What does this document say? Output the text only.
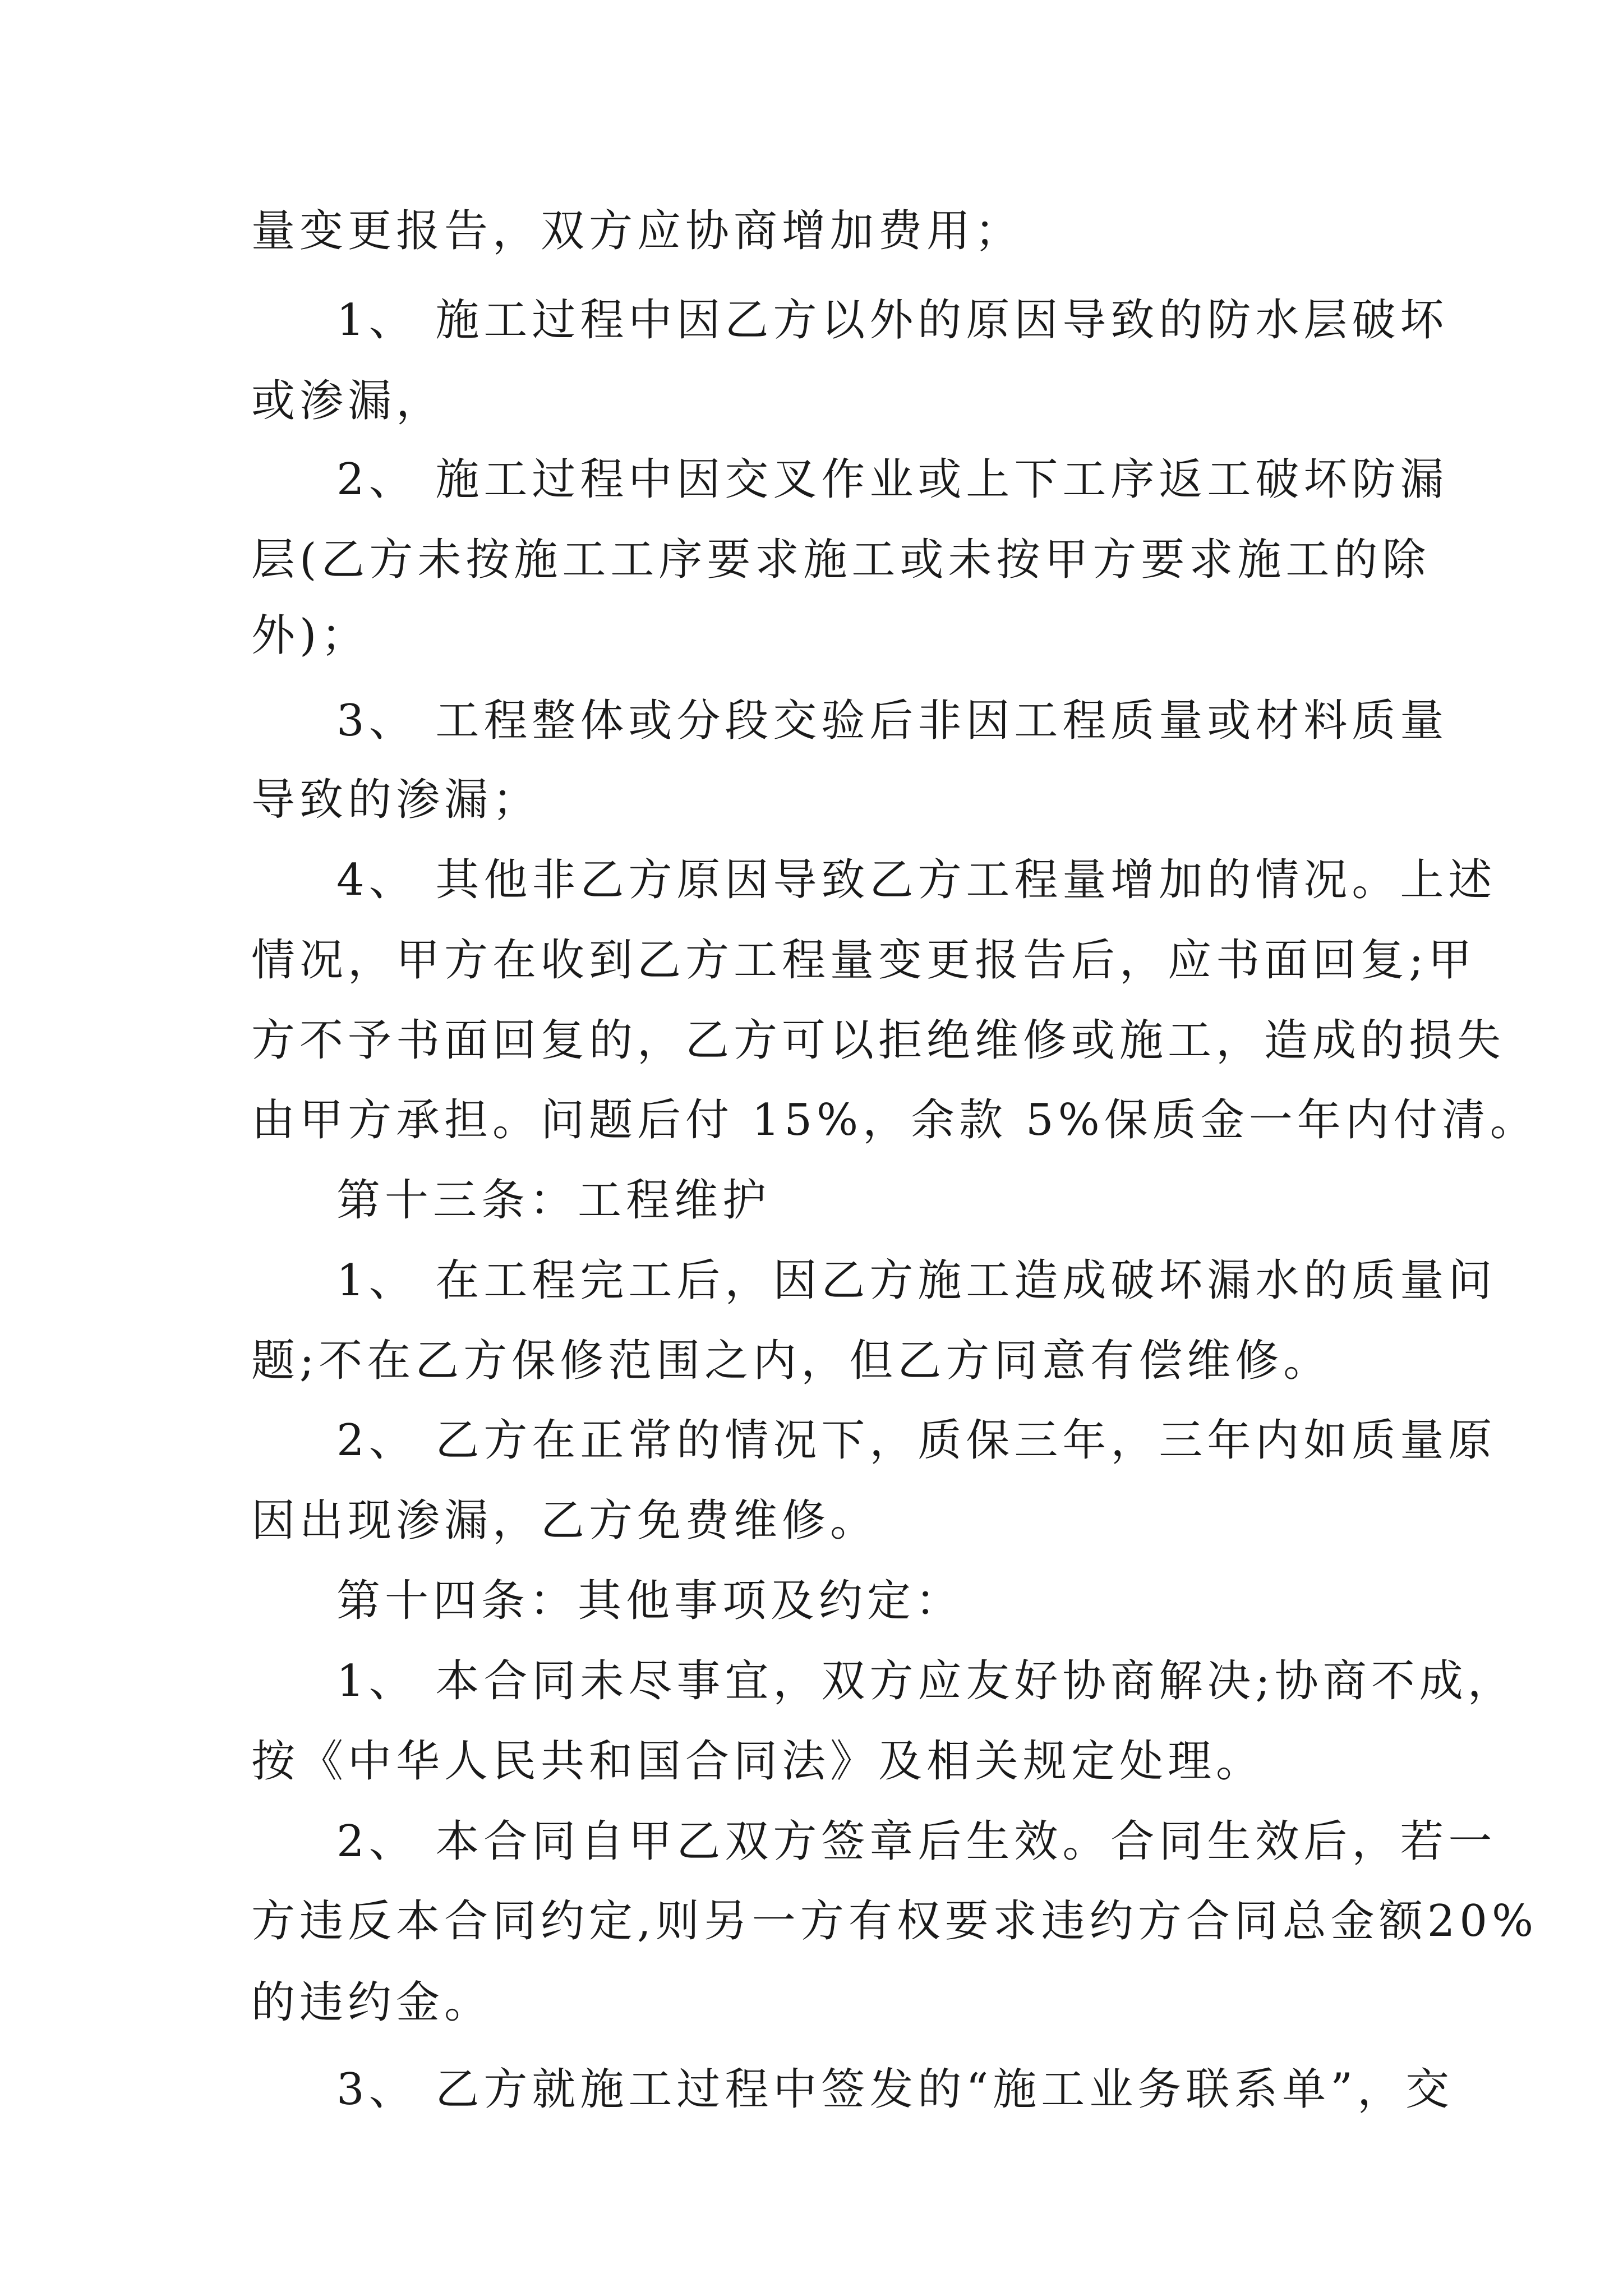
量变更报告，双方应协商增加费用；
1、 施工过程中因乙方以外的原因导致的防水层破坏
或渗漏，
2、 施工过程中因交叉作业或上下工序返工破坏防漏
层(乙方未按施工工序要求施工或未按甲方要求施工的除
外)；
3、 工程整体或分段交验后非因工程质量或材料质量
导致的渗漏；
4、 其他非乙方原因导致乙方工程量增加的情况。上述
情况，甲方在收到乙方工程量变更报告后，应书面回复;甲
方不予书面回复的，乙方可以拒绝维修或施工，造成的损失
由甲方承担。问题后付 15%，余款 5%保质金一年内付清。
第十三条：工程维护
1、 在工程完工后，因乙方施工造成破坏漏水的质量问
题;不在乙方保修范围之内，但乙方同意有偿维修。
2、 乙方在正常的情况下，质保三年，三年内如质量原
因出现渗漏，乙方免费维修。
第十四条：其他事项及约定：
1、 本合同未尽事宜，双方应友好协商解决;协商不成，
按《中华人民共和国合同法》及相关规定处理。
2、 本合同自甲乙双方签章后生效。合同生效后，若一
方违反本合同约定,则另一方有权要求违约方合同总金额20%
的违约金。
3、 乙方就施工过程中签发的“施工业务联系单”，交
